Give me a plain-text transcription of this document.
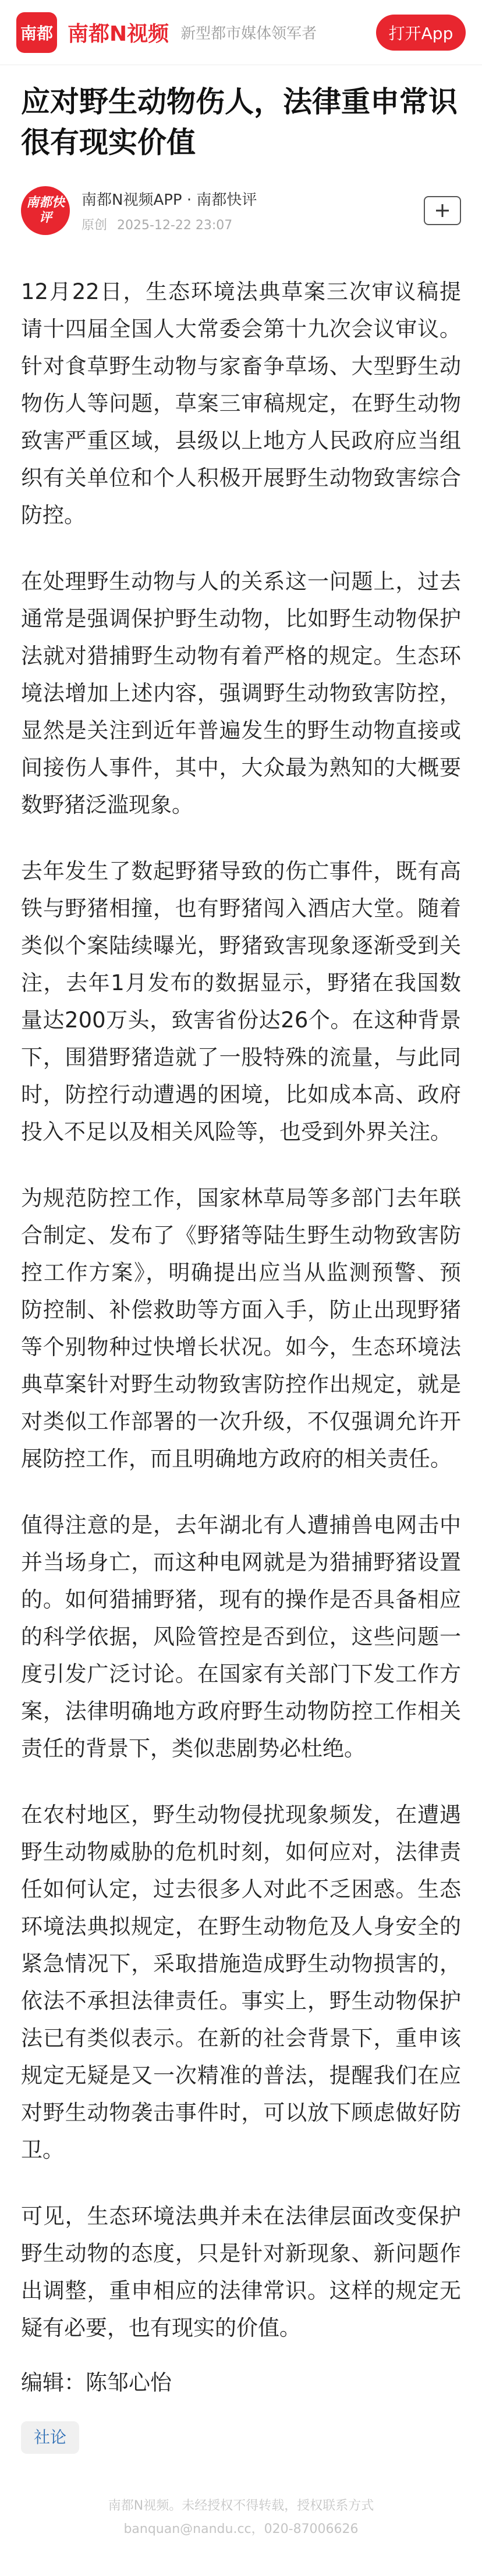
南都 南都N视频 新型都市媒体领军者	打开App
应对野生动物伤人，法律重申常识很有现实价值
南都快评
南都N视频APP · 南都快评
原创 2025-12-22 23:07

12月22日，生态环境法典草案三次审议稿提请十四届全国人大常委会第十九次会议审议。针对食草野生动物与家畜争草场、大型野生动物伤人等问题，草案三审稿规定，在野生动物致害严重区域，县级以上地方人民政府应当组织有关单位和个人积极开展野生动物致害综合防控。

在处理野生动物与人的关系这一问题上，过去通常是强调保护野生动物，比如野生动物保护法就对猎捕野生动物有着严格的规定。生态环境法增加上述内容，强调野生动物致害防控，显然是关注到近年普遍发生的野生动物直接或间接伤人事件，其中，大众最为熟知的大概要数野猪泛滥现象。

去年发生了数起野猪导致的伤亡事件，既有高铁与野猪相撞，也有野猪闯入酒店大堂。随着类似个案陆续曝光，野猪致害现象逐渐受到关注，去年1月发布的数据显示，野猪在我国数量达200万头，致害省份达26个。在这种背景下，围猎野猪造就了一股特殊的流量，与此同时，防控行动遭遇的困境，比如成本高、政府投入不足以及相关风险等，也受到外界关注。

为规范防控工作，国家林草局等多部门去年联合制定、发布了《野猪等陆生野生动物致害防控工作方案》，明确提出应当从监测预警、预防控制、补偿救助等方面入手，防止出现野猪等个别物种过快增长状况。如今，生态环境法典草案针对野生动物致害防控作出规定，就是对类似工作部署的一次升级，不仅强调允许开展防控工作，而且明确地方政府的相关责任。

值得注意的是，去年湖北有人遭捕兽电网击中并当场身亡，而这种电网就是为猎捕野猪设置的。如何猎捕野猪，现有的操作是否具备相应的科学依据，风险管控是否到位，这些问题一度引发广泛讨论。在国家有关部门下发工作方案，法律明确地方政府野生动物防控工作相关责任的背景下，类似悲剧势必杜绝。

在农村地区，野生动物侵扰现象频发，在遭遇野生动物威胁的危机时刻，如何应对，法律责任如何认定，过去很多人对此不乏困惑。生态环境法典拟规定，在野生动物危及人身安全的紧急情况下，采取措施造成野生动物损害的，依法不承担法律责任。事实上，野生动物保护法已有类似表示。在新的社会背景下，重申该规定无疑是又一次精准的普法，提醒我们在应对野生动物袭击事件时，可以放下顾虑做好防卫。

可见，生态环境法典并未在法律层面改变保护野生动物的态度，只是针对新现象、新问题作出调整，重申相应的法律常识。这样的规定无疑有必要，也有现实的价值。

编辑：陈邹心怡
社论
南都N视频。未经授权不得转载，授权联系方式
banquan@nandu.cc，020-87006626
